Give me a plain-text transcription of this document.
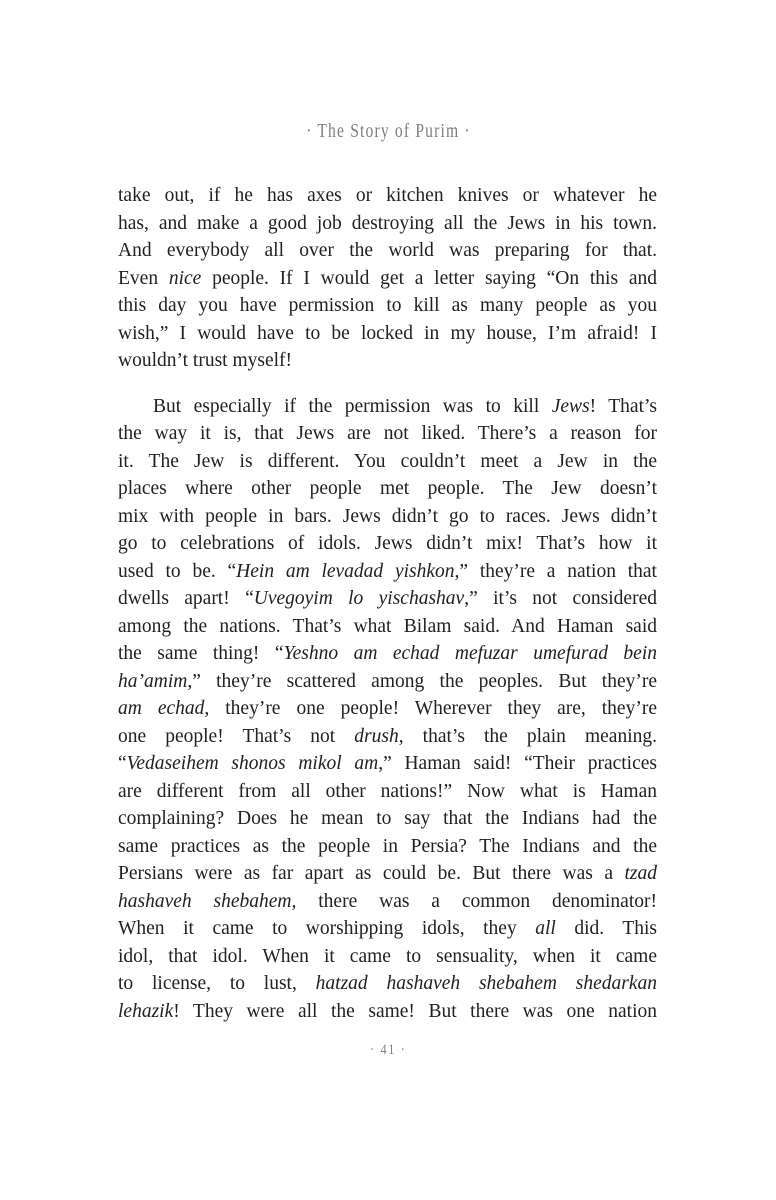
· The Story of Purim ·
take out, if he has axes or kitchen knives or whatever he
has, and make a good job destroying all the Jews in his town.
And everybody all over the world was preparing for that.
Even nice people. If I would get a letter saying “On this and
this day you have permission to kill as many people as you
wish,” I would have to be locked in my house, I’m afraid! I
wouldn’t trust myself!
But especially if the permission was to kill Jews! That’s
the way it is, that Jews are not liked. There’s a reason for
it. The Jew is different. You couldn’t meet a Jew in the
places where other people met people. The Jew doesn’t
mix with people in bars. Jews didn’t go to races. Jews didn’t
go to celebrations of idols. Jews didn’t mix! That’s how it
used to be. “Hein am levadad yishkon,” they’re a nation that
dwells apart! “Uvegoyim lo yischashav,” it’s not considered
among the nations. That’s what Bilam said. And Haman said
the same thing! “Yeshno am echad mefuzar umefurad bein
ha’amim,” they’re scattered among the peoples. But they’re
am echad, they’re one people! Wherever they are, they’re
one people! That’s not drush, that’s the plain meaning.
“Vedaseihem shonos mikol am,” Haman said! “Their practices
are different from all other nations!” Now what is Haman
complaining? Does he mean to say that the Indians had the
same practices as the people in Persia? The Indians and the
Persians were as far apart as could be. But there was a tzad
hashaveh shebahem, there was a common denominator!
When it came to worshipping idols, they all did. This
idol, that idol. When it came to sensuality, when it came
to license, to lust, hatzad hashaveh shebahem shedarkan
lehazik! They were all the same! But there was one nation
· 41 ·
